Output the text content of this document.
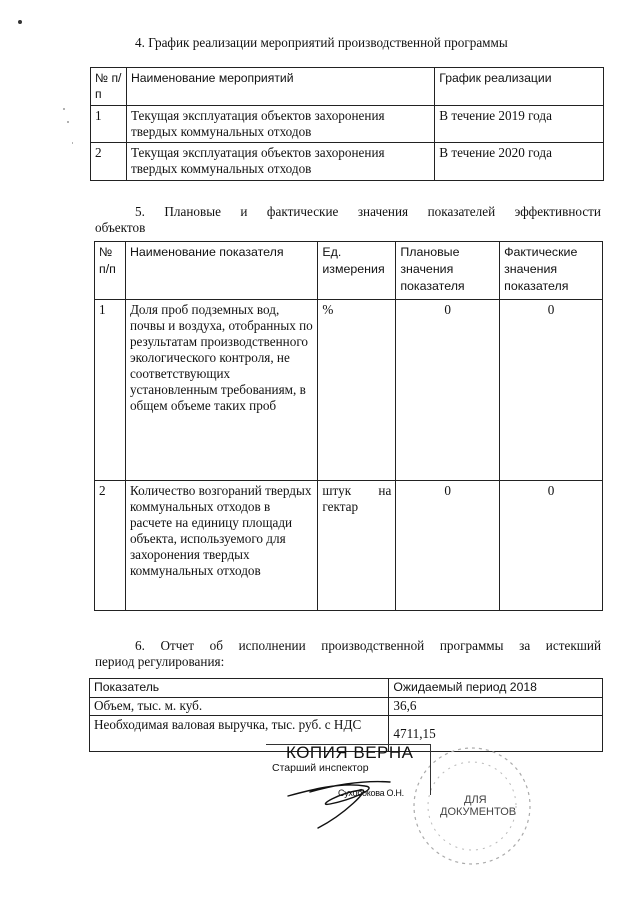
4. График реализации мероприятий производственной программы
№ п/п	Наименование мероприятий	График реализации
1	Текущая эксплуатация объектов захоронения твердых коммунальных отходов	В течение 2019 года
2	Текущая эксплуатация объектов захоронения твердых коммунальных отходов	В течение 2020 года
5. Плановые и фактические значения показателей эффективности
объектов
№ п/п	Наименование показателя	Ед. измерения	Плановые значения показателя	Фактические значения показателя
1	Доля проб подземных вод, почвы и воздуха, отобранных по результатам производственного экологического контроля, не соответствующих установленным требованиям, в общем объеме таких проб	%	0	0
2	Количество возгораний твердых коммунальных отходов в расчете на единицу площади объекта, используемого для захоронения твердых коммунальных отходов	штук на гектар	0	0
6. Отчет об исполнении производственной программы за истекший
период регулирования:
Показатель	Ожидаемый период 2018
Объем, тыс. м. куб.	36,6
Необходимая валовая выручка, тыс. руб. с НДС	4711,15
ДЛЯ
ДОКУМЕНТОВ
КОПИЯ ВЕРНА
Старший инспектор
Сухобокова О.Н.
